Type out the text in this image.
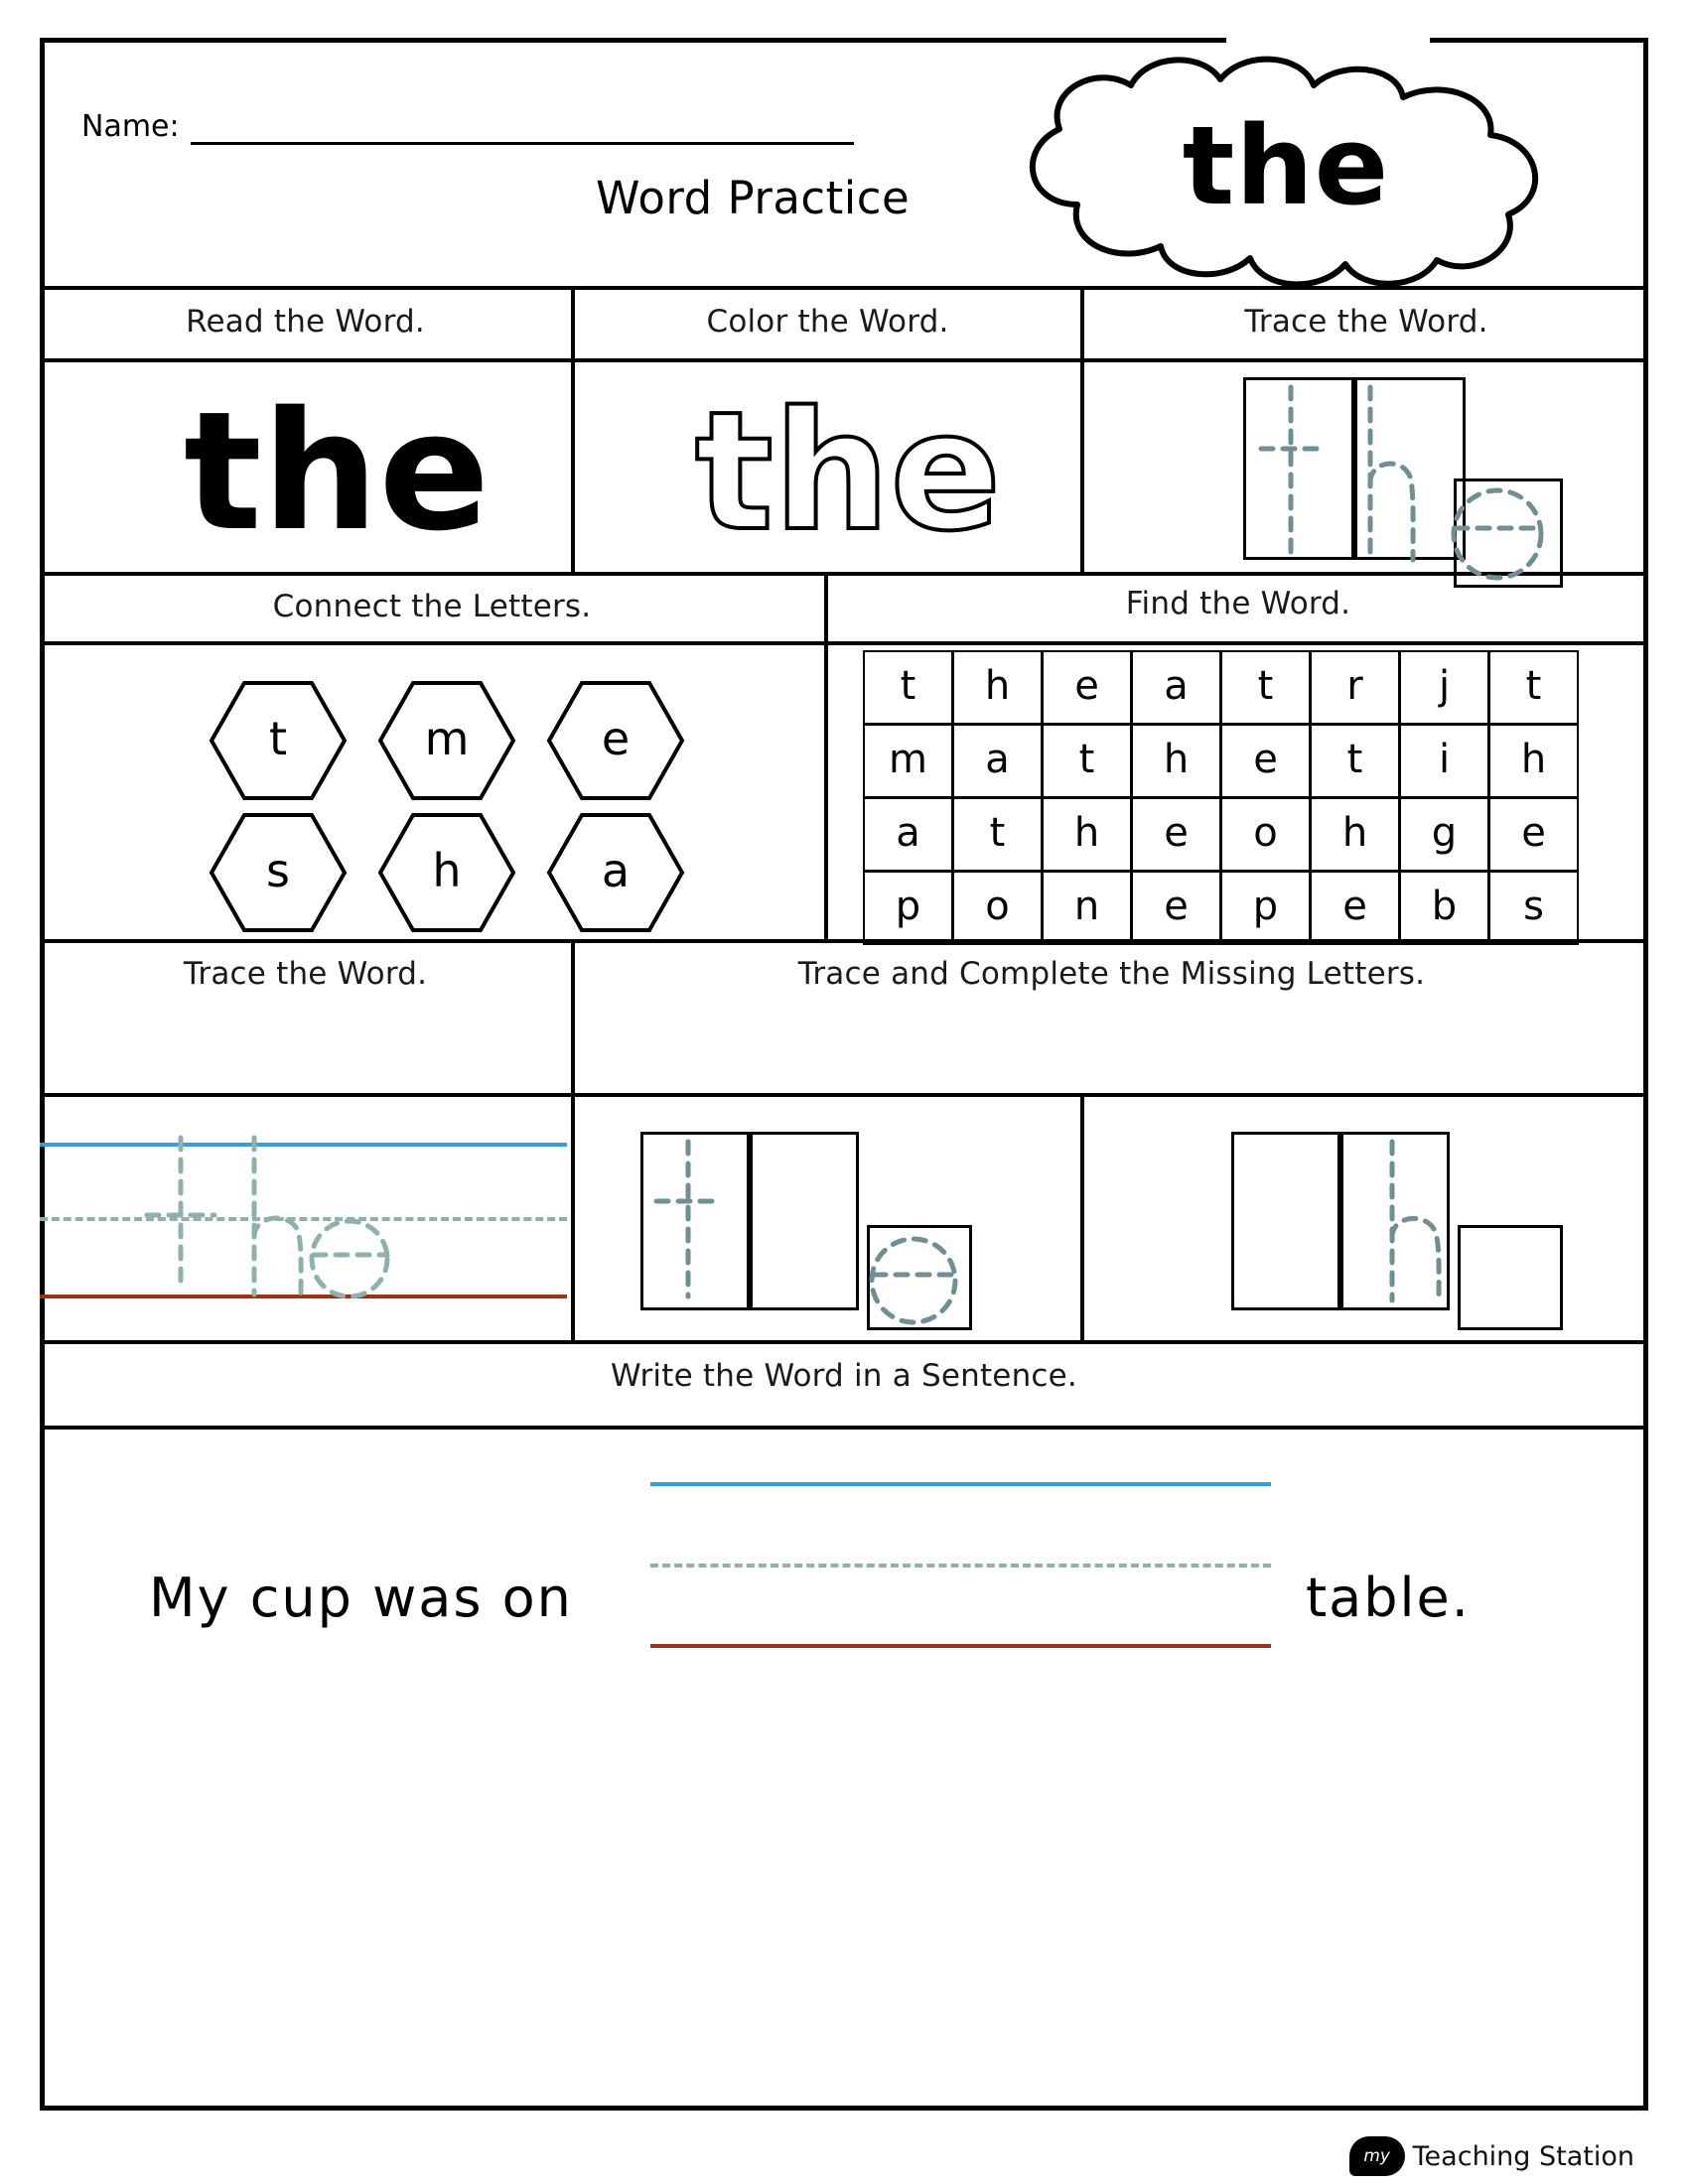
Name:
Word Practice	the
Read the Word.	Color the Word.	Trace the Word.
the the
Connect the Letters.	Find the Word.
t	m	e
s	h	a
t	h	e	a	t	r	j	t
m	a	t	h	e	t	i	h
a	t	h	e	o	h	g	e
p	o	n	e	p	e	b	s
Trace the Word.	Trace and Complete the Missing Letters.
Write the Word in a Sentence.
My cup was on	table.
my Teaching Station
